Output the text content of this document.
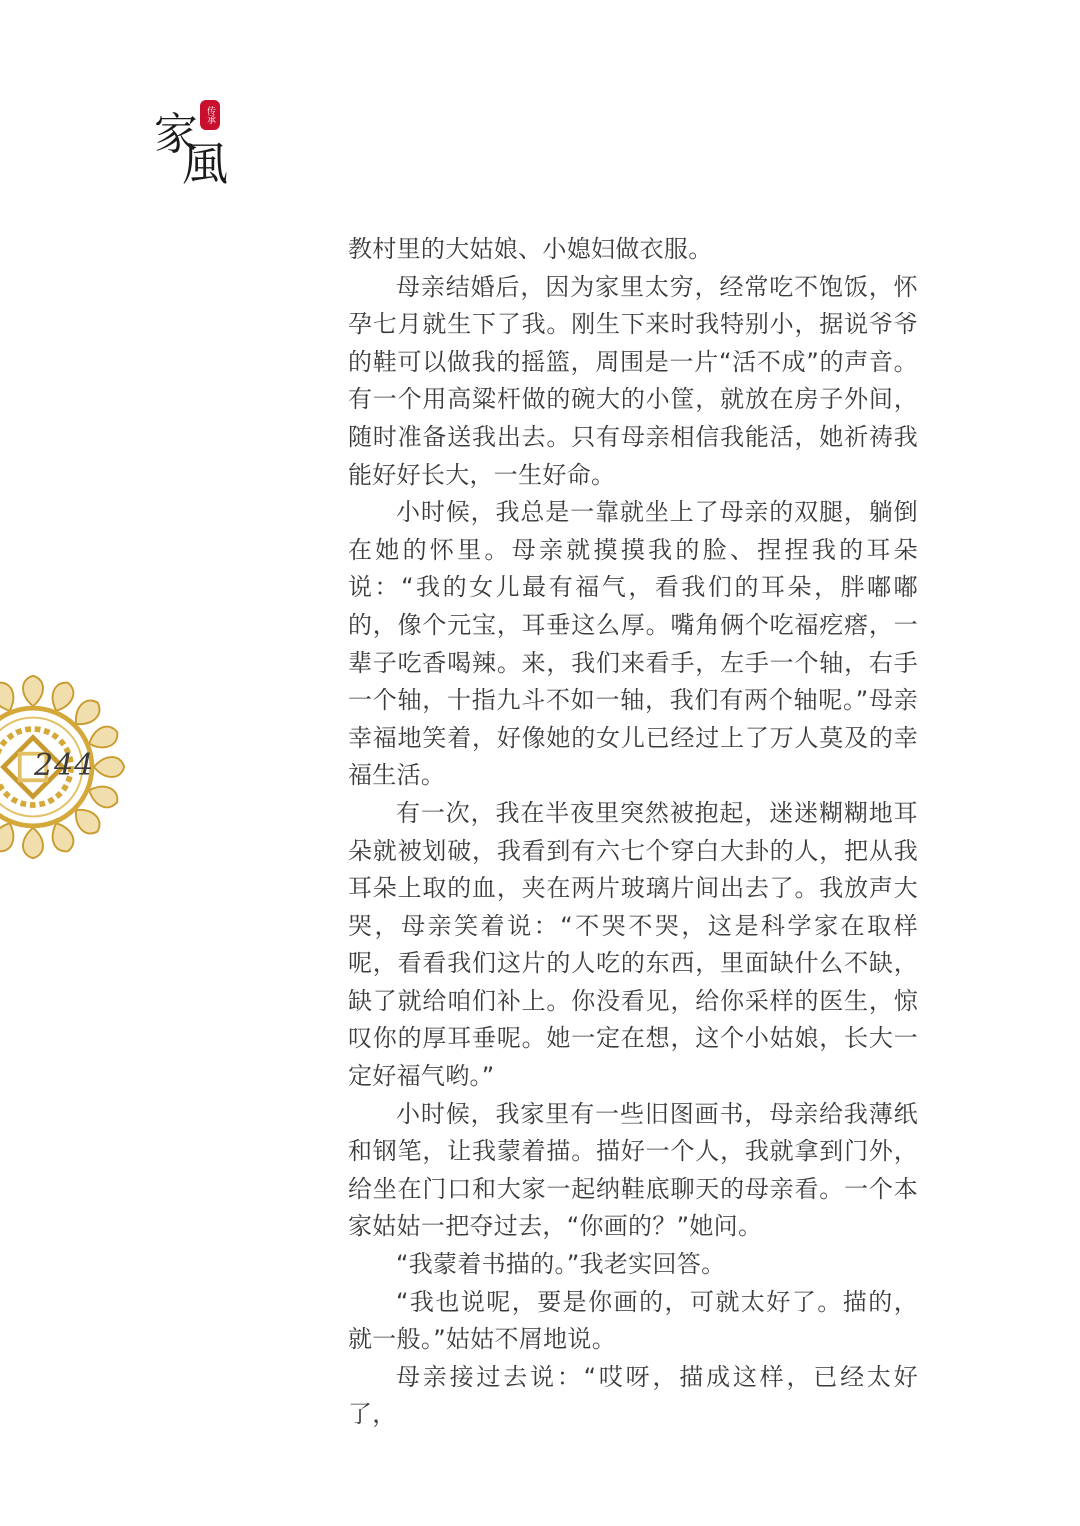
家
風
传承
244

教村里的大姑娘、小媳妇做衣服。

母亲结婚后，因为家里太穷，经常吃不饱饭，怀孕七月就生下了我。刚生下来时我特别小，据说爷爷的鞋可以做我的摇篮，周围是一片“活不成”的声音。有一个用高粱杆做的碗大的小筐，就放在房子外间，随时准备送我出去。只有母亲相信我能活，她祈祷我能好好长大，一生好命。

小时候，我总是一靠就坐上了母亲的双腿，躺倒在她的怀里。母亲就摸摸我的脸、捏捏我的耳朵说：“我的女儿最有福气，看我们的耳朵，胖嘟嘟的，像个元宝，耳垂这么厚。嘴角俩个吃福疙瘩，一辈子吃香喝辣。来，我们来看手，左手一个轴，右手一个轴，十指九斗不如一轴，我们有两个轴呢。”母亲幸福地笑着，好像她的女儿已经过上了万人莫及的幸福生活。

有一次，我在半夜里突然被抱起，迷迷糊糊地耳朵就被划破，我看到有六七个穿白大卦的人，把从我耳朵上取的血，夹在两片玻璃片间出去了。我放声大哭，母亲笑着说：“不哭不哭，这是科学家在取样呢，看看我们这片的人吃的东西，里面缺什么不缺，缺了就给咱们补上。你没看见，给你采样的医生，惊叹你的厚耳垂呢。她一定在想，这个小姑娘，长大一定好福气哟。”

小时候，我家里有一些旧图画书，母亲给我薄纸和钢笔，让我蒙着描。描好一个人，我就拿到门外，给坐在门口和大家一起纳鞋底聊天的母亲看。一个本家姑姑一把夺过去，“你画的？”她问。

“我蒙着书描的。”我老实回答。

“我也说呢，要是你画的，可就太好了。描的，就一般。”姑姑不屑地说。

母亲接过去说：“哎呀，描成这样，已经太好了，
